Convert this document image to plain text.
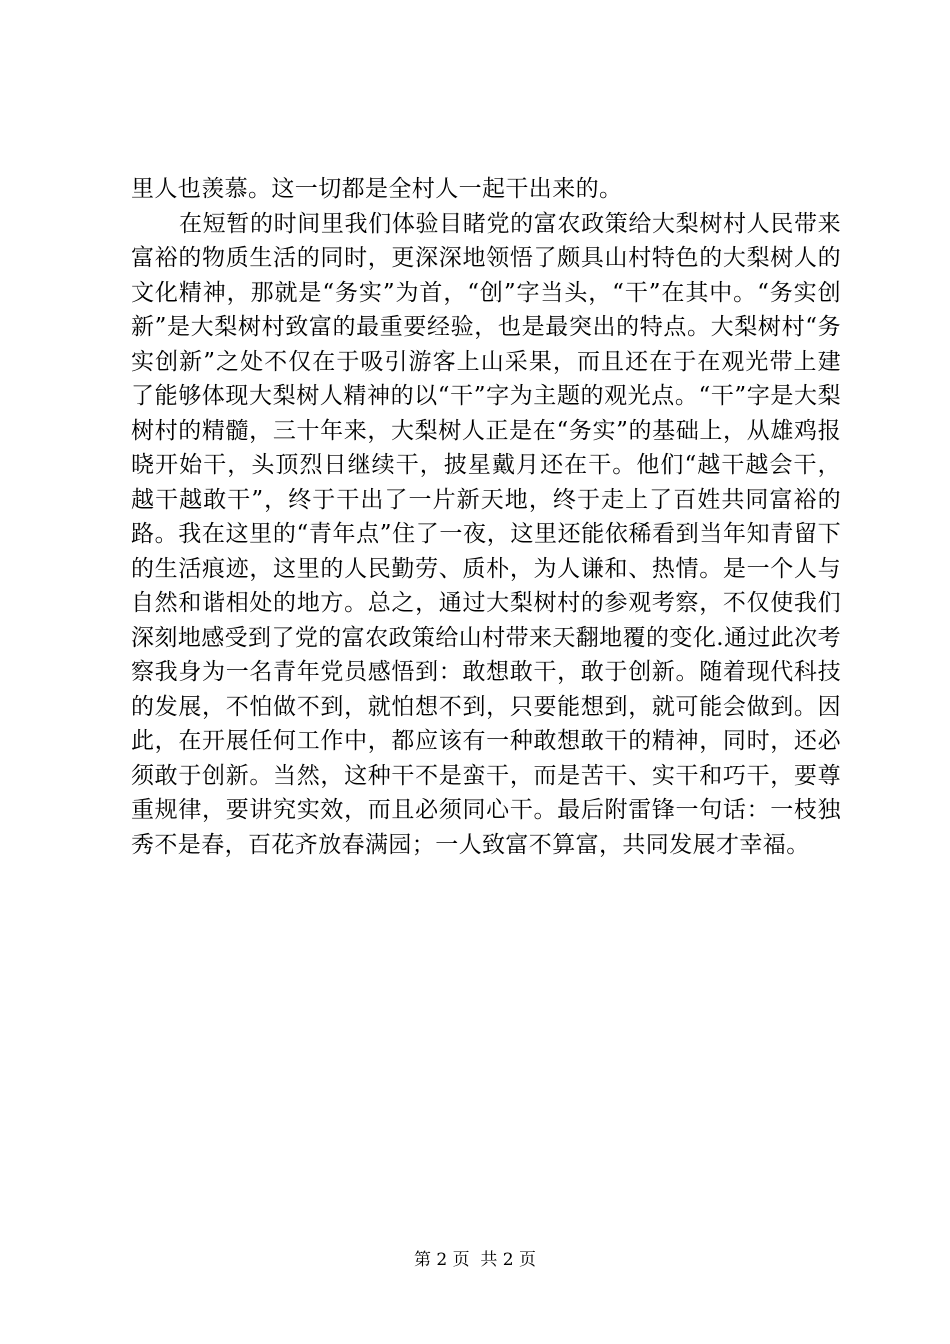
里人也羡慕。这一切都是全村人一起干出来的。

在短暂的时间里我们体验目睹党的富农政策给大梨树村人民带来富裕的物质生活的同时，更深深地领悟了颇具山村特色的大梨树人的文化精神，那就是“务实”为首，“创”字当头，“干”在其中。“务实创新”是大梨树村致富的最重要经验，也是最突出的特点。大梨树村“务实创新”之处不仅在于吸引游客上山采果，而且还在于在观光带上建了能够体现大梨树人精神的以“干”字为主题的观光点。“干”字是大梨树村的精髓，三十年来，大梨树人正是在“务实”的基础上，从雄鸡报晓开始干，头顶烈日继续干，披星戴月还在干。他们“越干越会干，越干越敢干”，终于干出了一片新天地，终于走上了百姓共同富裕的路。我在这里的“青年点”住了一夜，这里还能依稀看到当年知青留下的生活痕迹，这里的人民勤劳、质朴，为人谦和、热情。是一个人与自然和谐相处的地方。总之，通过大梨树村的参观考察，不仅使我们深刻地感受到了党的富农政策给山村带来天翻地覆的变化.通过此次考察我身为一名青年党员感悟到：敢想敢干，敢于创新。随着现代科技的发展，不怕做不到，就怕想不到，只要能想到，就可能会做到。因此，在开展任何工作中，都应该有一种敢想敢干的精神，同时，还必须敢于创新。当然，这种干不是蛮干，而是苦干、实干和巧干，要尊重规律，要讲究实效，而且必须同心干。最后附雷锋一句话：一枝独秀不是春，百花齐放春满园；一人致富不算富，共同发展才幸福。

第 2 页  共 2 页
